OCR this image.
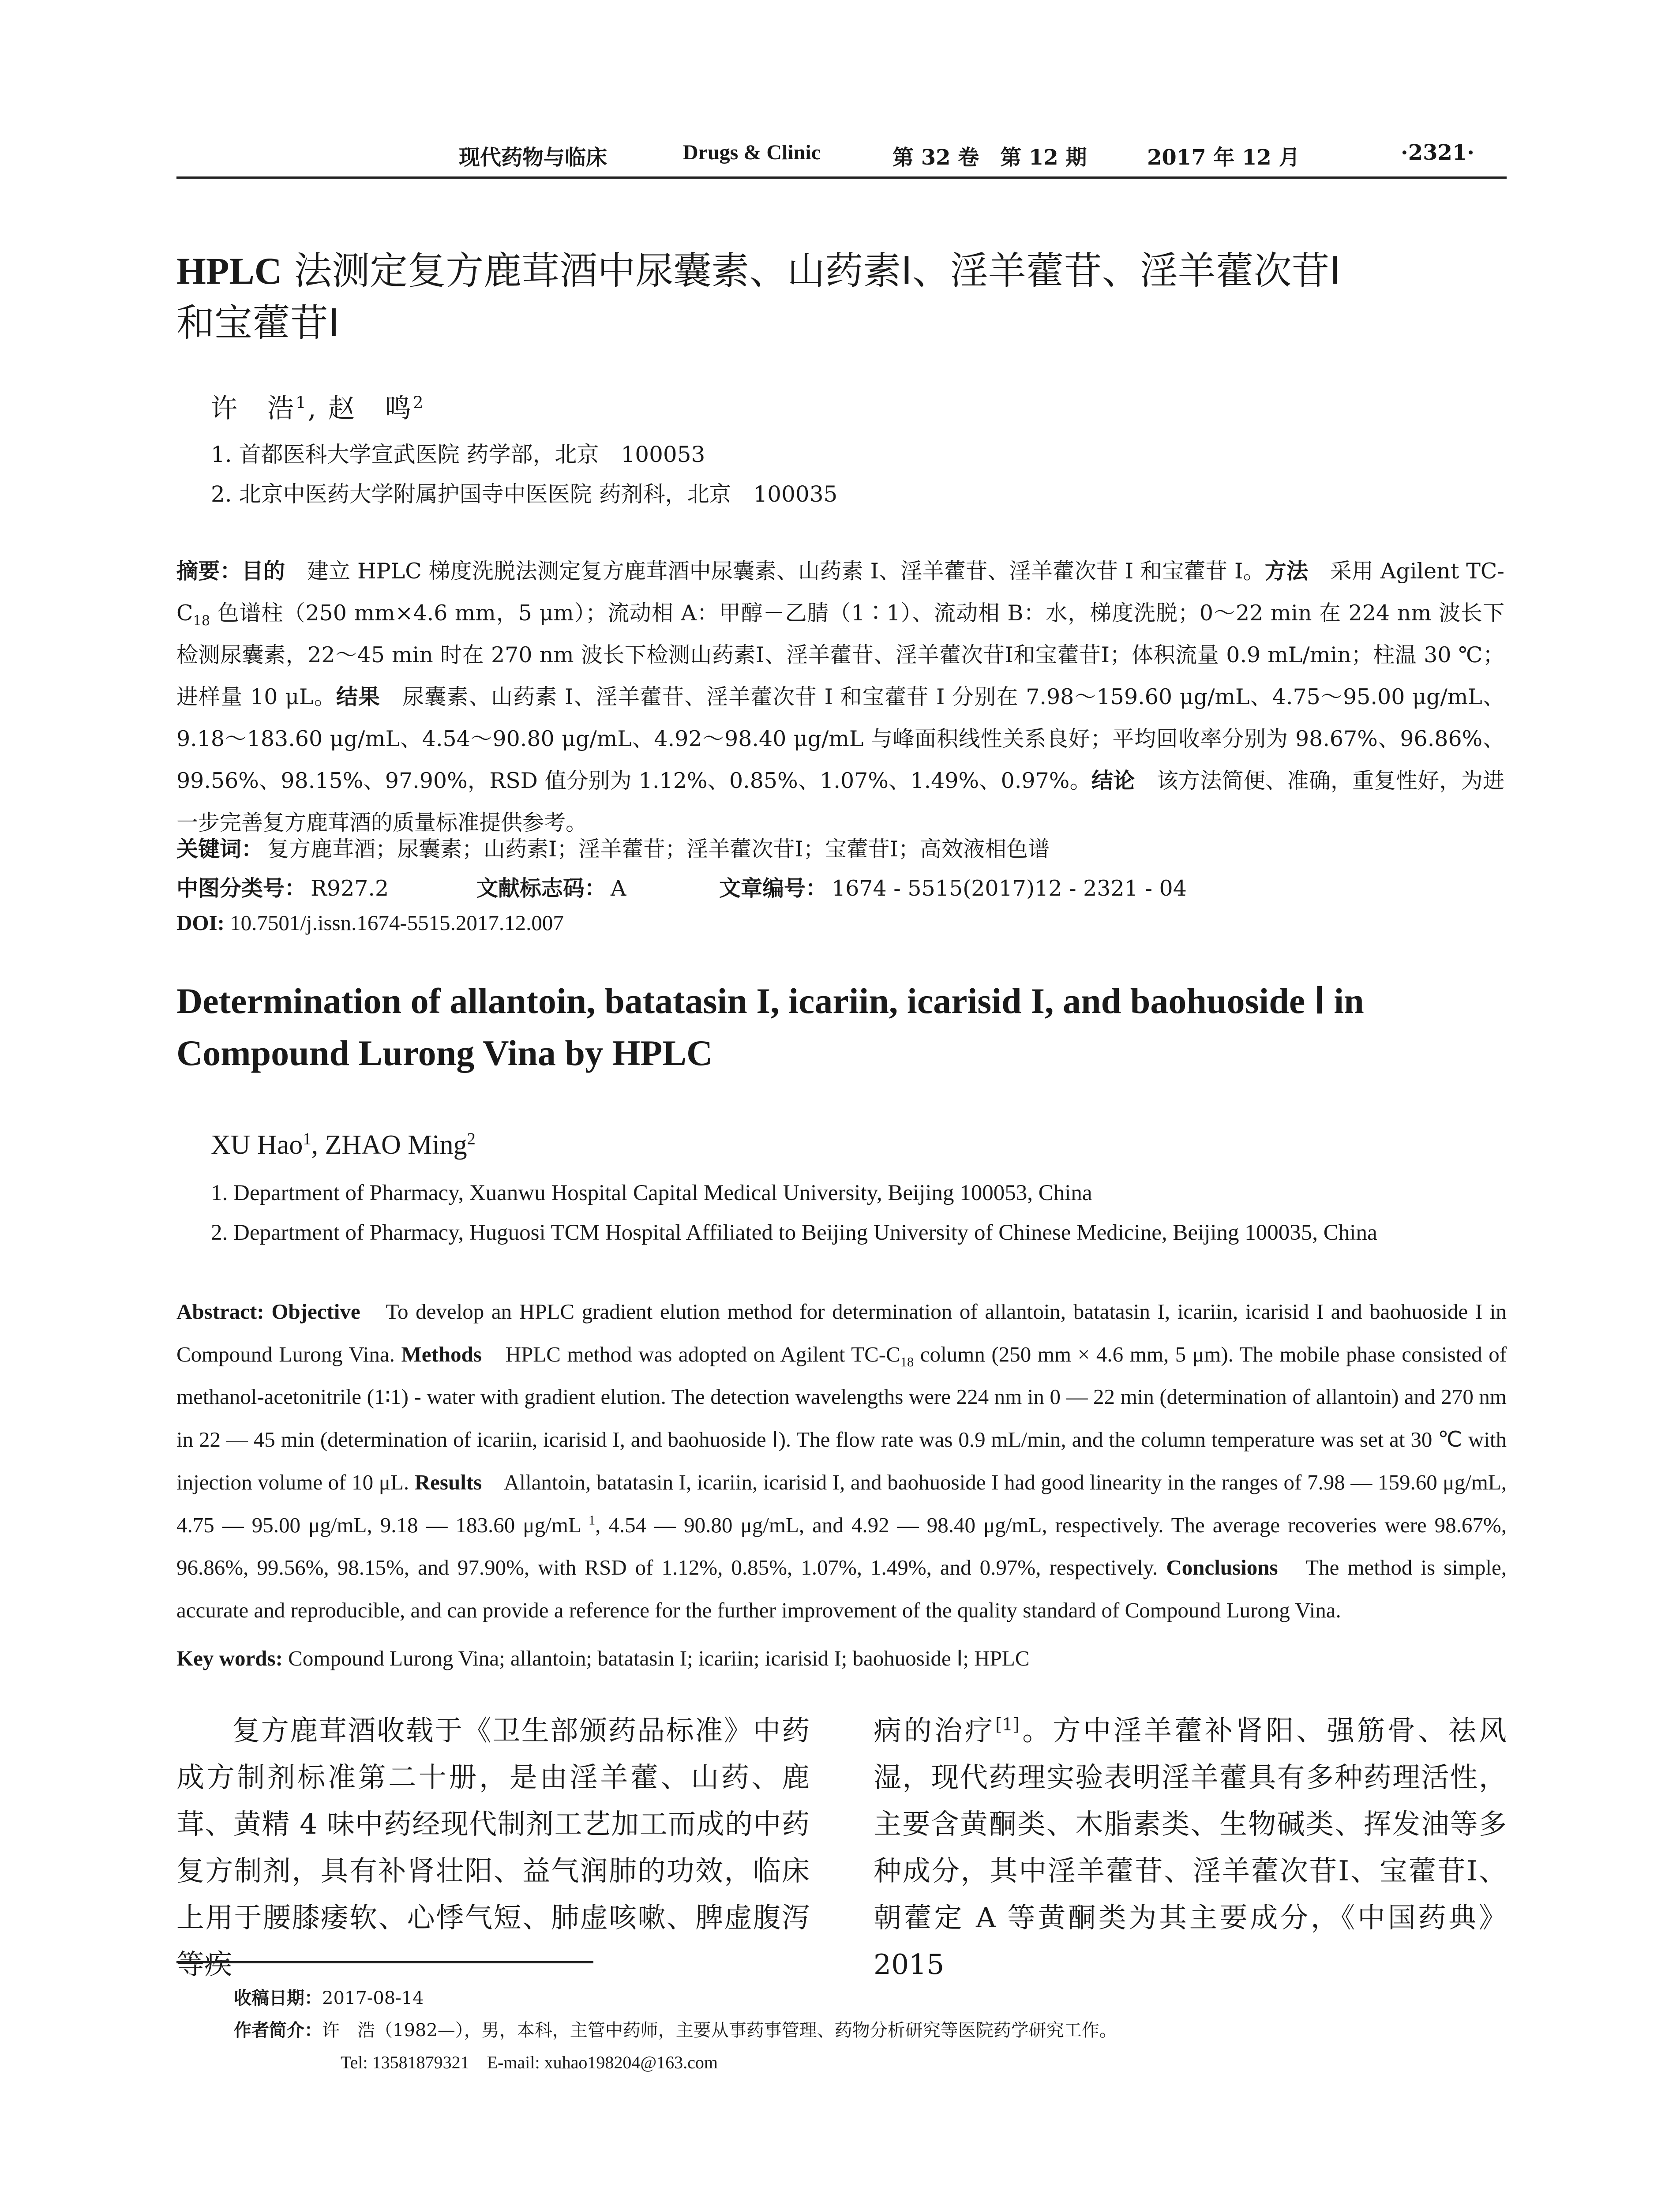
现代药物与临床	Drugs & Clinic	第 32 卷　第 12 期	2017 年 12 月	·2321·
HPLC 法测定复方鹿茸酒中尿囊素、山药素Ⅰ、淫羊藿苷、淫羊藿次苷Ⅰ
和宝藿苷Ⅰ
许　浩$^1$, 赵　鸣$^2$
1. 首都医科大学宣武医院 药学部，北京　100053
2. 北京中医药大学附属护国寺中医医院 药剂科，北京　100035
摘要：目的　建立 HPLC 梯度洗脱法测定复方鹿茸酒中尿囊素、山药素 I、淫羊藿苷、淫羊藿次苷 I 和宝藿苷 I。方法　采用 Agilent $TC-C_{18}$ 色谱柱（250 mm×4.6 mm，5 μm）；流动相 A：甲醇－乙腈（1∶1）、流动相 B：水，梯度洗脱；0～22 min 在 224 nm 波长下检测尿囊素，22～45 min 时在 270 nm 波长下检测山药素Ⅰ、淫羊藿苷、淫羊藿次苷Ⅰ和宝藿苷Ⅰ；体积流量 0.9 mL/min；柱温 30 ℃；进样量 10 μL。结果　尿囊素、山药素 I、淫羊藿苷、淫羊藿次苷 I 和宝藿苷 I 分别在 7.98～159.60 μg/mL、4.75～95.00 μg/mL、9.18～183.60 μg/mL、4.54～90.80 μg/mL、4.92～98.40 μg/mL 与峰面积线性关系良好；平均回收率分别为 98.67%、96.86%、99.56%、98.15%、97.90%，RSD 值分别为 1.12%、0.85%、1.07%、1.49%、0.97%。结论　该方法简便、准确，重复性好，为进一步完善复方鹿茸酒的质量标准提供参考。
关键词： 复方鹿茸酒；尿囊素；山药素Ⅰ；淫羊藿苷；淫羊藿次苷Ⅰ；宝藿苷Ⅰ；高效液相色谱
中图分类号： R927.2	文献标志码： A	文章编号： 1674 - 5515(2017)12 - 2321 - 04
DOI: 10.7501/j.issn.1674-5515.2017.12.007
Determination of allantoin, batatasin I, icariin, icarisid I, and baohuoside Ⅰ in
Compound Lurong Vina by HPLC
XU Hao$^1$, ZHAO Ming$^2$
1. Department of Pharmacy, Xuanwu Hospital Capital Medical University, Beijing 100053, China
2. Department of Pharmacy, Huguosi TCM Hospital Affiliated to Beijing University of Chinese Medicine, Beijing 100035, China
Abstract: Objective　To develop an HPLC gradient elution method for determination of allantoin, batatasin I, icariin, icarisid I and baohuoside I in Compound Lurong Vina. Methods　HPLC method was adopted on Agilent $TC-C_{18}$ column (250 mm × 4.6 mm, 5 μm). The mobile phase consisted of methanol-acetonitrile (1∶1) - water with gradient elution. The detection wavelengths were 224 nm in 0 — 22 min (determination of allantoin) and 270 nm in 22 — 45 min (determination of icariin, icarisid I, and baohuoside Ⅰ). The flow rate was 0.9 mL/min, and the column temperature was set at 30 ℃ with injection volume of 10 μL. Results　Allantoin, batatasin I, icariin, icarisid I, and baohuoside I had good linearity in the ranges of 7.98 — 159.60 μg/mL, 4.75 — 95.00 μg/mL, 9.18 — 183.60 μg/mL $^1$, 4.54 — 90.80 μg/mL, and 4.92 — 98.40 μg/mL, respectively. The average recoveries were 98.67%, 96.86%, 99.56%, 98.15%, and 97.90%, with RSD of 1.12%, 0.85%, 1.07%, 1.49%, and 0.97%, respectively. Conclusions　The method is simple, accurate and reproducible, and can provide a reference for the further improvement of the quality standard of Compound Lurong Vina.
Key words: Compound Lurong Vina; allantoin; batatasin I; icariin; icarisid I; baohuoside Ⅰ; HPLC
复方鹿茸酒收载于《卫生部颁药品标准》中药成方制剂标准第二十册，是由淫羊藿、山药、鹿茸、黄精 4 味中药经现代制剂工艺加工而成的中药复方制剂，具有补肾壮阳、益气润肺的功效，临床上用于腰膝痿软、心悸气短、肺虚咳嗽、脾虚腹泻等疾
病的治疗[1]。方中淫羊藿补肾阳、强筋骨、祛风湿，现代药理实验表明淫羊藿具有多种药理活性，主要含黄酮类、木脂素类、生物碱类、挥发油等多种成分，其中淫羊藿苷、淫羊藿次苷Ⅰ、宝藿苷Ⅰ、朝藿定 A 等黄酮类为其主要成分，《中国药典》2015
收稿日期：2017-08-14
作者简介：许　浩（1982—），男，本科，主管中药师，主要从事药事管理、药物分析研究等医院药学研究工作。
Tel: 13581879321　E-mail: xuhao198204@163.com
